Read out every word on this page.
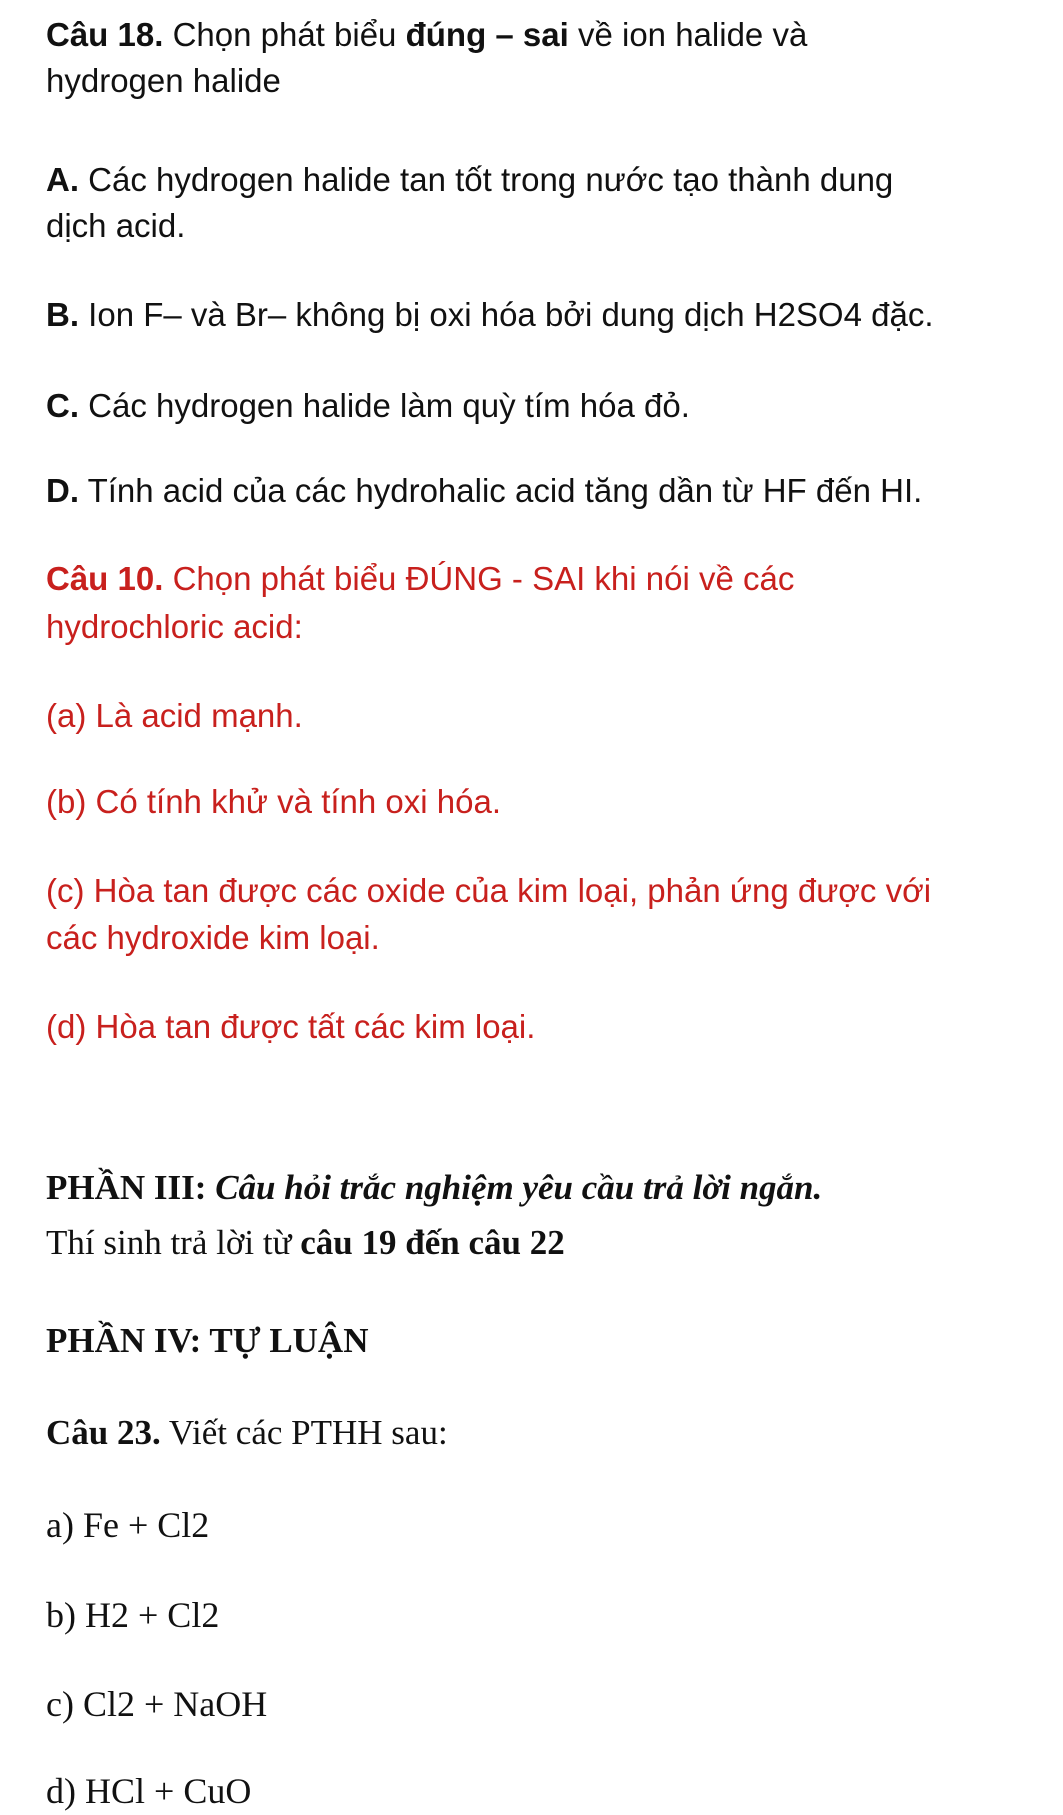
Câu 18. Chọn phát biểu đúng – sai về ion halide và

hydrogen halide

A. Các hydrogen halide tan tốt trong nước tạo thành dung

dịch acid.

B. Ion F– và Br– không bị oxi hóa bởi dung dịch H2SO4 đặc.

C. Các hydrogen halide làm quỳ tím hóa đỏ.

D. Tính acid của các hydrohalic acid tăng dần từ HF đến HI.

Câu 10. Chọn phát biểu ĐÚNG - SAI khi nói về các

hydrochloric acid:

(a) Là acid mạnh.

(b) Có tính khử và tính oxi hóa.

(c) Hòa tan được các oxide của kim loại, phản ứng được với

các hydroxide kim loại.

(d) Hòa tan được tất các kim loại.

PHẦN III: Câu hỏi trắc nghiệm yêu cầu trả lời ngắn.

Thí sinh trả lời từ câu 19 đến câu 22

PHẦN IV: TỰ LUẬN

Câu 23. Viết các PTHH sau:

a) Fe + Cl2

b) H2 + Cl2

c) Cl2 + NaOH

d) HCl + CuO
